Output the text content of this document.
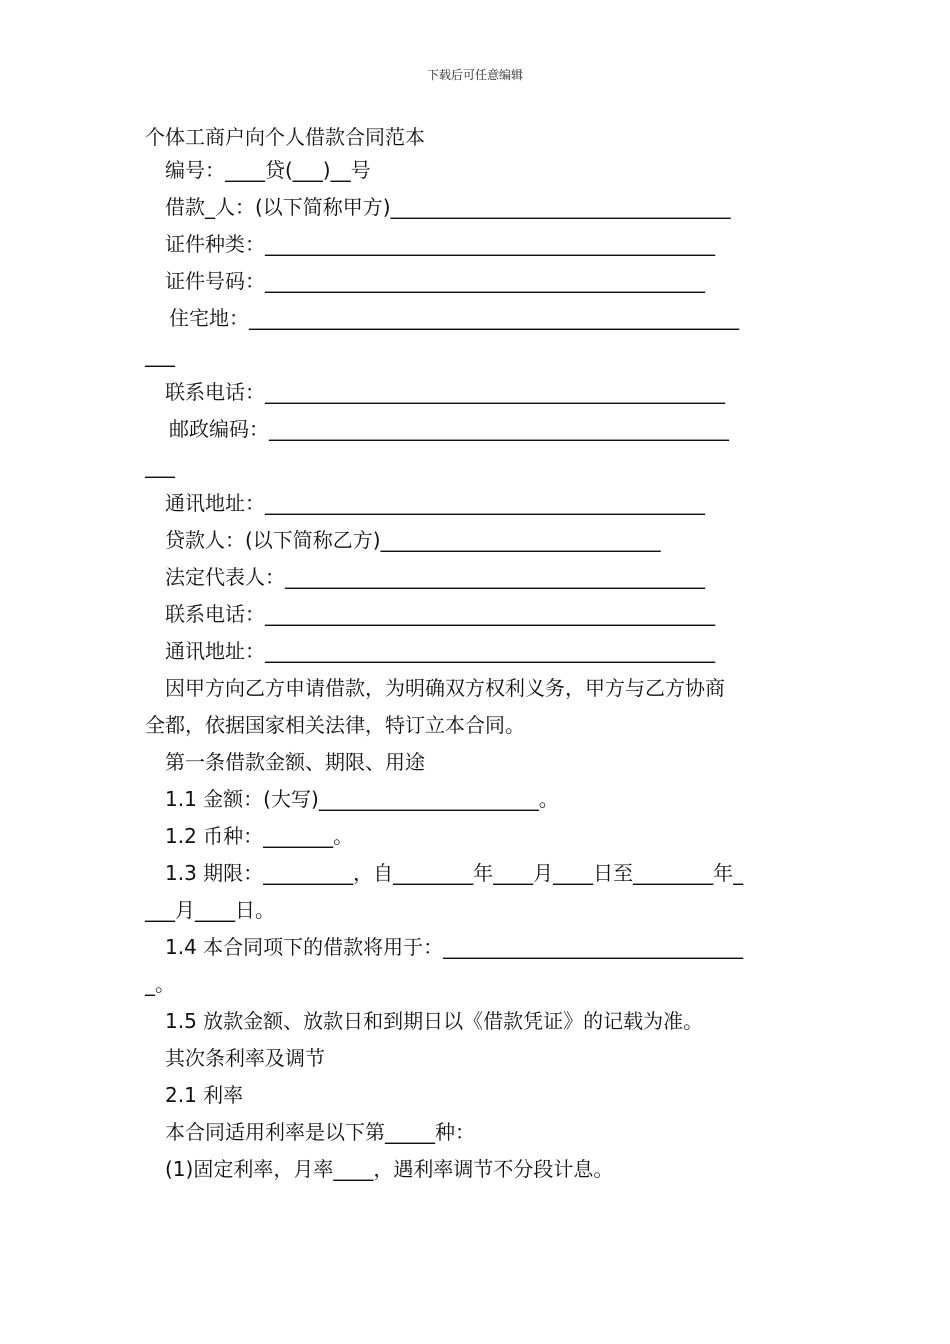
下载后可任意编辑
个体工商户向个人借款合同范本
编号：____贷(___)__号
借款_人：(以下简称甲方)__________________________________
证件种类：_____________________________________________
证件号码：____________________________________________
住宅地：_________________________________________________
___
联系电话：______________________________________________
邮政编码：______________________________________________
___
通讯地址：____________________________________________
贷款人：(以下简称乙方)____________________________
法定代表人：__________________________________________
联系电话：_____________________________________________
通讯地址：_____________________________________________
因甲方向乙方申请借款，为明确双方权利义务，甲方与乙方协商
全都，依据国家相关法律，特订立本合同。
第一条借款金额、期限、用途
1.1 金额：(大写)______________________。
1.2 币种：_______。
1.3 期限：_________，自________年____月____日至________年_
___月____日。
1.4 本合同项下的借款将用于：______________________________
_。
1.5 放款金额、放款日和到期日以《借款凭证》的记载为准。
其次条利率及调节
2.1 利率
本合同适用利率是以下第_____种：
(1)固定利率，月率____，遇利率调节不分段计息。
